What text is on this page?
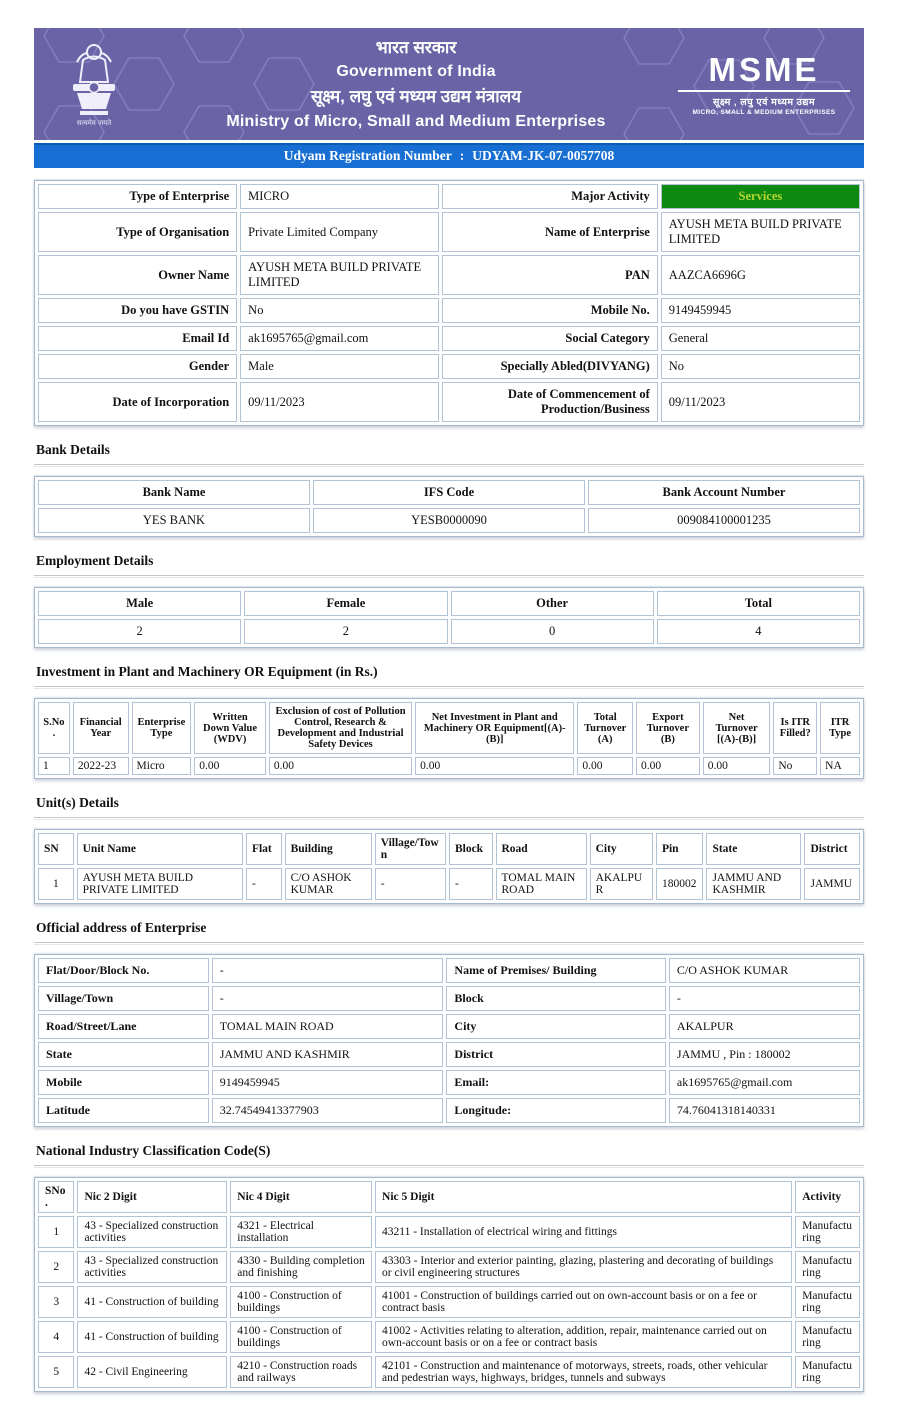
सत्यमेव जयते
भारत सरकार
Government of India
सूक्ष्म, लघु एवं मध्यम उद्यम मंत्रालय
Ministry of Micro, Small and Medium Enterprises
MSME
सूक्ष्म , लघु एवं मध्यम उद्यम
MICRO, SMALL & MEDIUM ENTERPRISES
Udyam Registration Number : UDYAM-JK-07-0057708
Type of Enterprise	MICRO	Major Activity	Services
Type of Organisation	Private Limited Company	Name of Enterprise	AYUSH META BUILD PRIVATE LIMITED
Owner Name	AYUSH META BUILD PRIVATE LIMITED	PAN	AAZCA6696G
Do you have GSTIN	No	Mobile No.	9149459945
Email Id	ak1695765@gmail.com	Social Category	General
Gender	Male	Specially Abled(DIVYANG)	No
Date of Incorporation	09/11/2023	Date of Commencement of Production/Business	09/11/2023
Bank Details
Bank Name	IFS Code	Bank Account Number
YES BANK	YESB0000090	009084100001235
Employment Details
Male	Female	Other	Total
2	2	0	4
Investment in Plant and Machinery OR Equipment (in Rs.)
S.No.	Financial Year	Enterprise Type	Written Down Value (WDV)	Exclusion of cost of Pollution Control, Research & Development and Industrial Safety Devices	Net Investment in Plant and Machinery OR Equipment[(A)-(B)]	Total Turnover (A)	Export Turnover (B)	Net Turnover [(A)-(B)]	Is ITR Filled?	ITR Type
1	2022-23	Micro	0.00	0.00	0.00	0.00	0.00	0.00	No	NA
Unit(s) Details
SN	Unit Name	Flat	Building	Village/Town	Block	Road	City	Pin	State	District
1	AYUSH META BUILD PRIVATE LIMITED	-	C/O ASHOK KUMAR	-	-	TOMAL MAIN ROAD	AKALPUR	180002	JAMMU AND KASHMIR	JAMMU
Official address of Enterprise
Flat/Door/Block No.	-	Name of Premises/ Building	C/O ASHOK KUMAR
Village/Town	-	Block	-
Road/Street/Lane	TOMAL MAIN ROAD	City	AKALPUR
State	JAMMU AND KASHMIR	District	JAMMU , Pin : 180002
Mobile	9149459945	Email:	ak1695765@gmail.com
Latitude	32.74549413377903	Longitude:	74.76041318140331
National Industry Classification Code(S)
SNo.	Nic 2 Digit	Nic 4 Digit	Nic 5 Digit	Activity
1	43 - Specialized construction activities	4321 - Electrical installation	43211 - Installation of electrical wiring and fittings	Manufacturing
2	43 - Specialized construction activities	4330 - Building completion and finishing	43303 - Interior and exterior painting, glazing, plastering and decorating of buildings or civil engineering structures	Manufacturing
3	41 - Construction of building	4100 - Construction of buildings	41001 - Construction of buildings carried out on own-account basis or on a fee or contract basis	Manufacturing
4	41 - Construction of building	4100 - Construction of buildings	41002 - Activities relating to alteration, addition, repair, maintenance carried out on own-account basis or on a fee or contract basis	Manufacturing
5	42 - Civil Engineering	4210 - Construction roads and railways	42101 - Construction and maintenance of motorways, streets, roads, other vehicular and pedestrian ways, highways, bridges, tunnels and subways	Manufacturing
